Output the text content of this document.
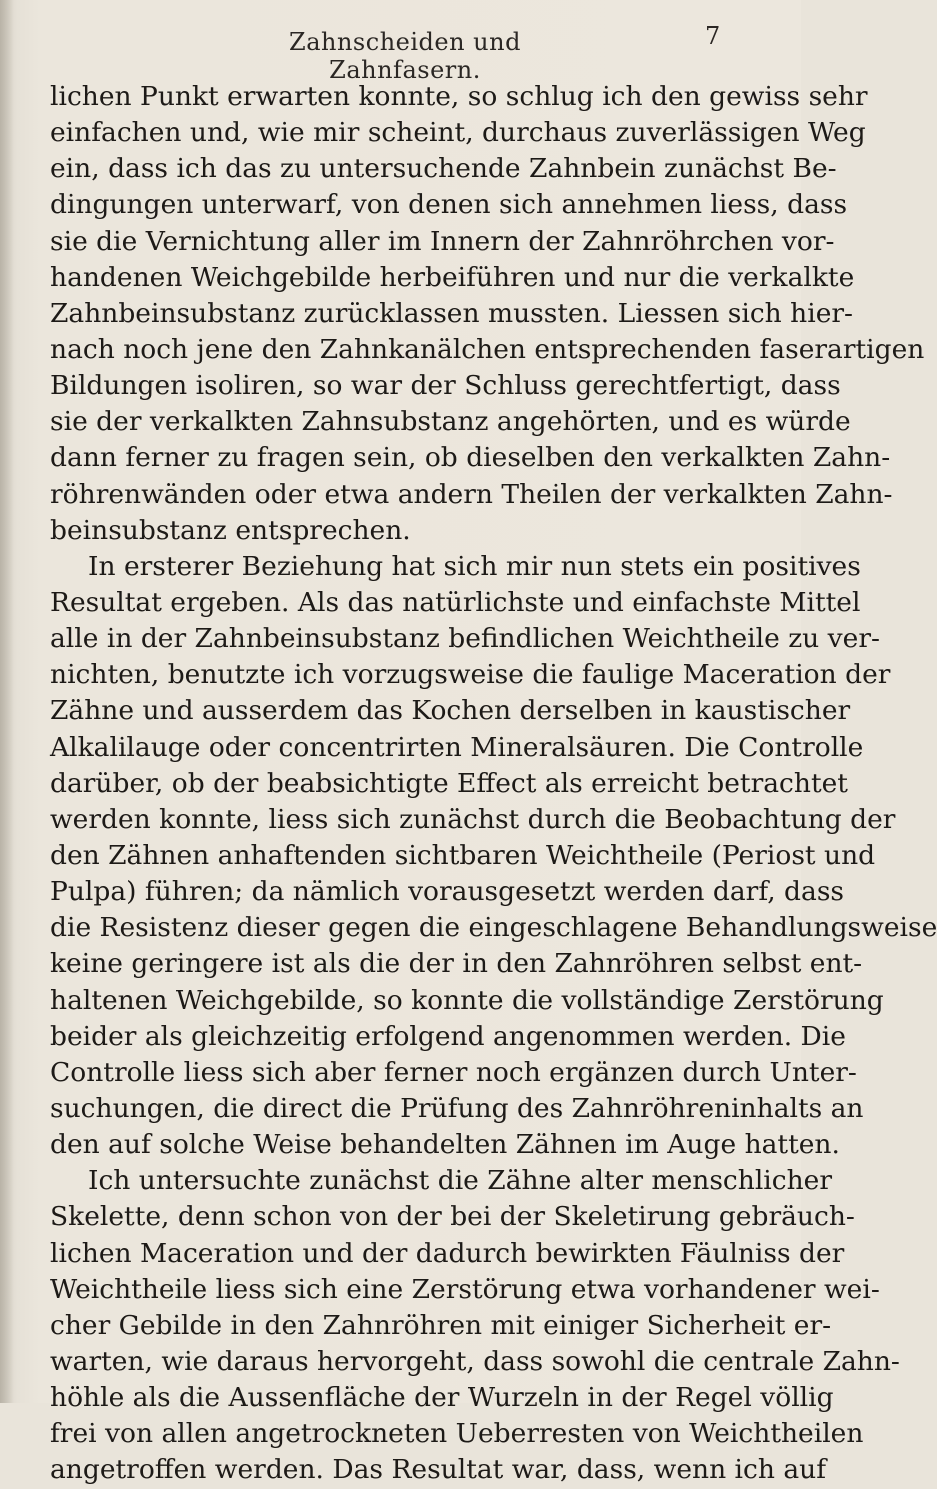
Zahnscheiden und Zahnfasern.
7
lichen Punkt erwarten konnte, so schlug ich den gewiss sehr
einfachen und, wie mir scheint, durchaus zuverlässigen Weg
ein, dass ich das zu untersuchende Zahnbein zunächst Be-
dingungen unterwarf, von denen sich annehmen liess, dass
sie die Vernichtung aller im Innern der Zahnröhrchen vor-
handenen Weichgebilde herbeiführen und nur die verkalkte
Zahnbeinsubstanz zurücklassen mussten. Liessen sich hier-
nach noch jene den Zahnkanälchen entsprechenden faserartigen
Bildungen isoliren, so war der Schluss gerechtfertigt, dass
sie der verkalkten Zahnsubstanz angehörten, und es würde
dann ferner zu fragen sein, ob dieselben den verkalkten Zahn-
röhrenwänden oder etwa andern Theilen der verkalkten Zahn-
beinsubstanz entsprechen.
In ersterer Beziehung hat sich mir nun stets ein positives
Resultat ergeben. Als das natürlichste und einfachste Mittel
alle in der Zahnbeinsubstanz befindlichen Weichtheile zu ver-
nichten, benutzte ich vorzugsweise die faulige Maceration der
Zähne und ausserdem das Kochen derselben in kaustischer
Alkalilauge oder concentrirten Mineralsäuren. Die Controlle
darüber, ob der beabsichtigte Effect als erreicht betrachtet
werden konnte, liess sich zunächst durch die Beobachtung der
den Zähnen anhaftenden sichtbaren Weichtheile (Periost und
Pulpa) führen; da nämlich vorausgesetzt werden darf, dass
die Resistenz dieser gegen die eingeschlagene Behandlungsweise
keine geringere ist als die der in den Zahnröhren selbst ent-
haltenen Weichgebilde, so konnte die vollständige Zerstörung
beider als gleichzeitig erfolgend angenommen werden. Die
Controlle liess sich aber ferner noch ergänzen durch Unter-
suchungen, die direct die Prüfung des Zahnröhreninhalts an
den auf solche Weise behandelten Zähnen im Auge hatten.
Ich untersuchte zunächst die Zähne alter menschlicher
Skelette, denn schon von der bei der Skeletirung gebräuch-
lichen Maceration und der dadurch bewirkten Fäulniss der
Weichtheile liess sich eine Zerstörung etwa vorhandener wei-
cher Gebilde in den Zahnröhren mit einiger Sicherheit er-
warten, wie daraus hervorgeht, dass sowohl die centrale Zahn-
höhle als die Aussenfläche der Wurzeln in der Regel völlig
frei von allen angetrockneten Ueberresten von Weichtheilen
angetroffen werden. Das Resultat war, dass, wenn ich auf
